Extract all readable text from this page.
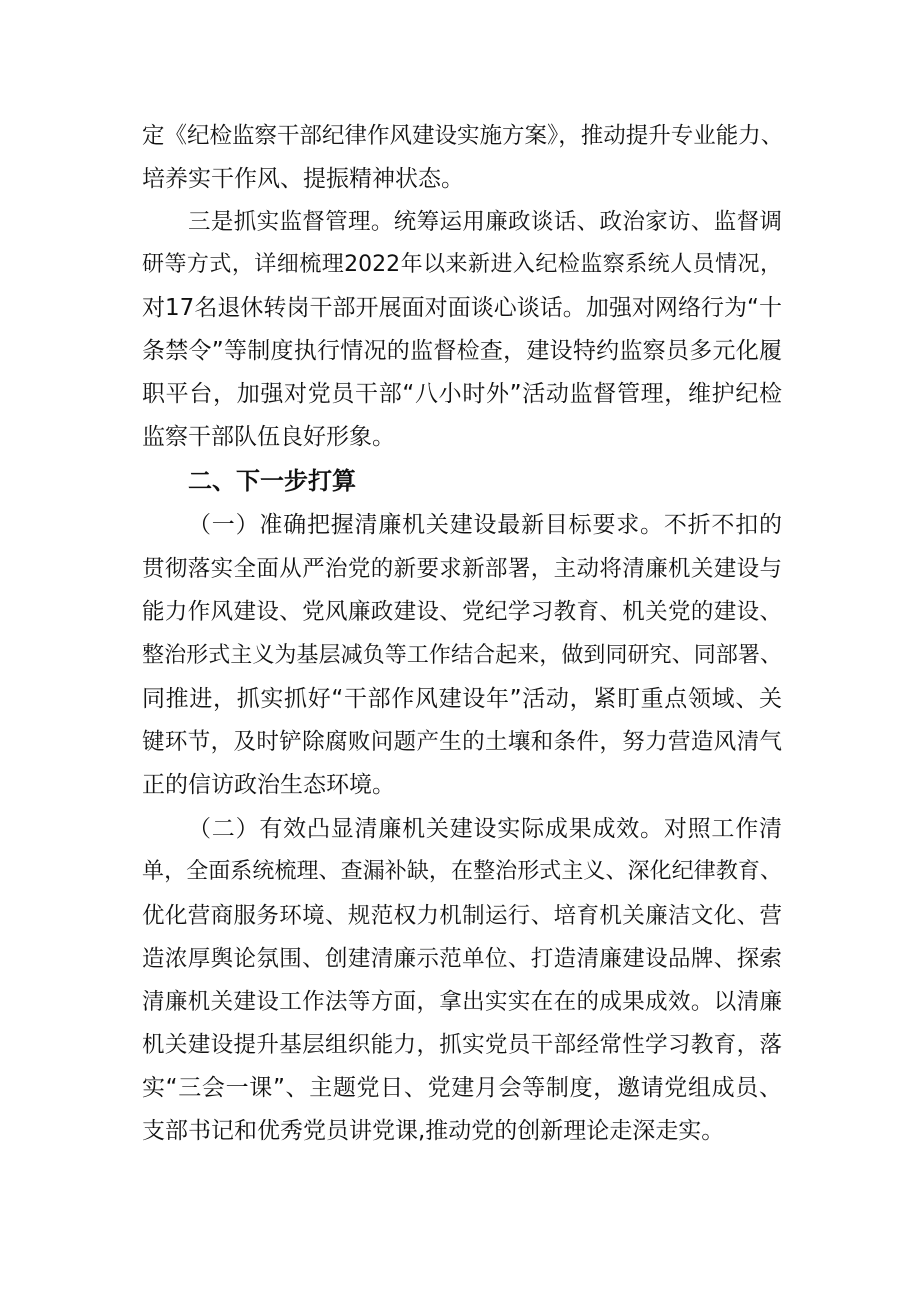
定《纪检监察干部纪律作风建设实施方案》，推动提升专业能力、
培养实干作风、提振精神状态。
三是抓实监督管理。统筹运用廉政谈话、政治家访、监督调
研等方式，详细梳理2022年以来新进入纪检监察系统人员情况，
对17名退休转岗干部开展面对面谈心谈话。加强对网络行为“十
条禁令”等制度执行情况的监督检查，建设特约监察员多元化履
职平台，加强对党员干部“八小时外”活动监督管理，维护纪检
监察干部队伍良好形象。
二、下一步打算
（一）准确把握清廉机关建设最新目标要求。不折不扣的
贯彻落实全面从严治党的新要求新部署，主动将清廉机关建设与
能力作风建设、党风廉政建设、党纪学习教育、机关党的建设、
整治形式主义为基层减负等工作结合起来，做到同研究、同部署、
同推进，抓实抓好“干部作风建设年”活动，紧盯重点领域、关
键环节，及时铲除腐败问题产生的土壤和条件，努力营造风清气
正的信访政治生态环境。
（二）有效凸显清廉机关建设实际成果成效。对照工作清
单，全面系统梳理、查漏补缺，在整治形式主义、深化纪律教育、
优化营商服务环境、规范权力机制运行、培育机关廉洁文化、营
造浓厚舆论氛围、创建清廉示范单位、打造清廉建设品牌、探索
清廉机关建设工作法等方面，拿出实实在在的成果成效。以清廉
机关建设提升基层组织能力，抓实党员干部经常性学习教育，落
实“三会一课”、主题党日、党建月会等制度，邀请党组成员、
支部书记和优秀党员讲党课,推动党的创新理论走深走实。
